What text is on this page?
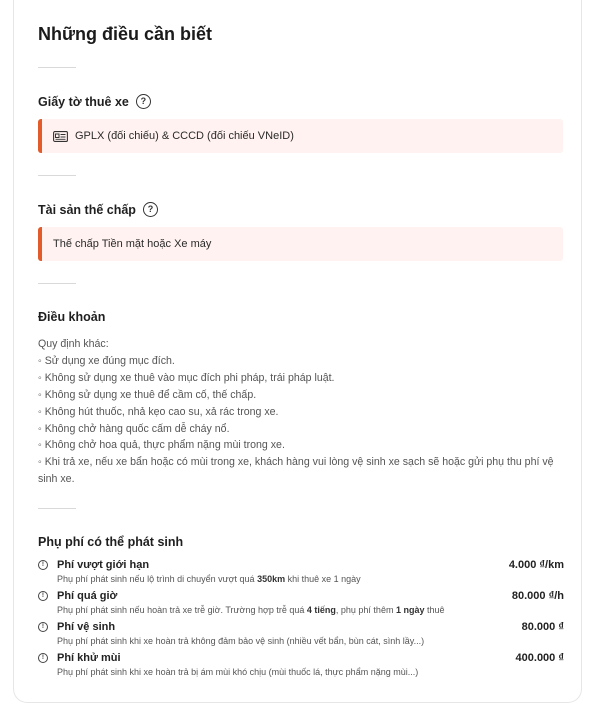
Những điều cần biết
Giấy tờ thuê xe	?
GPLX (đối chiếu) & CCCD (đối chiếu VNeID)
Tài sản thế chấp	?
Thế chấp Tiền mặt hoặc Xe máy
Điều khoản
Quy định khác:
◦ Sử dụng xe đúng mục đích.
◦ Không sử dụng xe thuê vào mục đích phi pháp, trái pháp luật.
◦ Không sử dụng xe thuê để cầm cố, thế chấp.
◦ Không hút thuốc, nhả kẹo cao su, xả rác trong xe.
◦ Không chở hàng quốc cấm dễ cháy nổ.
◦ Không chở hoa quả, thực phẩm nặng mùi trong xe.
◦ Khi trả xe, nếu xe bẩn hoặc có mùi trong xe, khách hàng vui lòng vệ sinh xe sạch sẽ hoặc gửi phụ thu phí vệ sinh xe.
Phụ phí có thể phát sinh
!	Phí vượt giới hạn	4.000 ₫/km
Phụ phí phát sinh nếu lộ trình di chuyển vượt quá 350km khi thuê xe 1 ngày
!	Phí quá giờ	80.000 ₫/h
Phụ phí phát sinh nếu hoàn trả xe trễ giờ. Trường hợp trễ quá 4 tiếng, phụ phí thêm 1 ngày thuê
!	Phí vệ sinh	80.000 ₫
Phụ phí phát sinh khi xe hoàn trả không đảm bảo vệ sinh (nhiều vết bẩn, bùn cát, sình lầy...)
!	Phí khử mùi	400.000 ₫
Phụ phí phát sinh khi xe hoàn trả bị ám mùi khó chịu (mùi thuốc lá, thực phẩm nặng mùi...)
